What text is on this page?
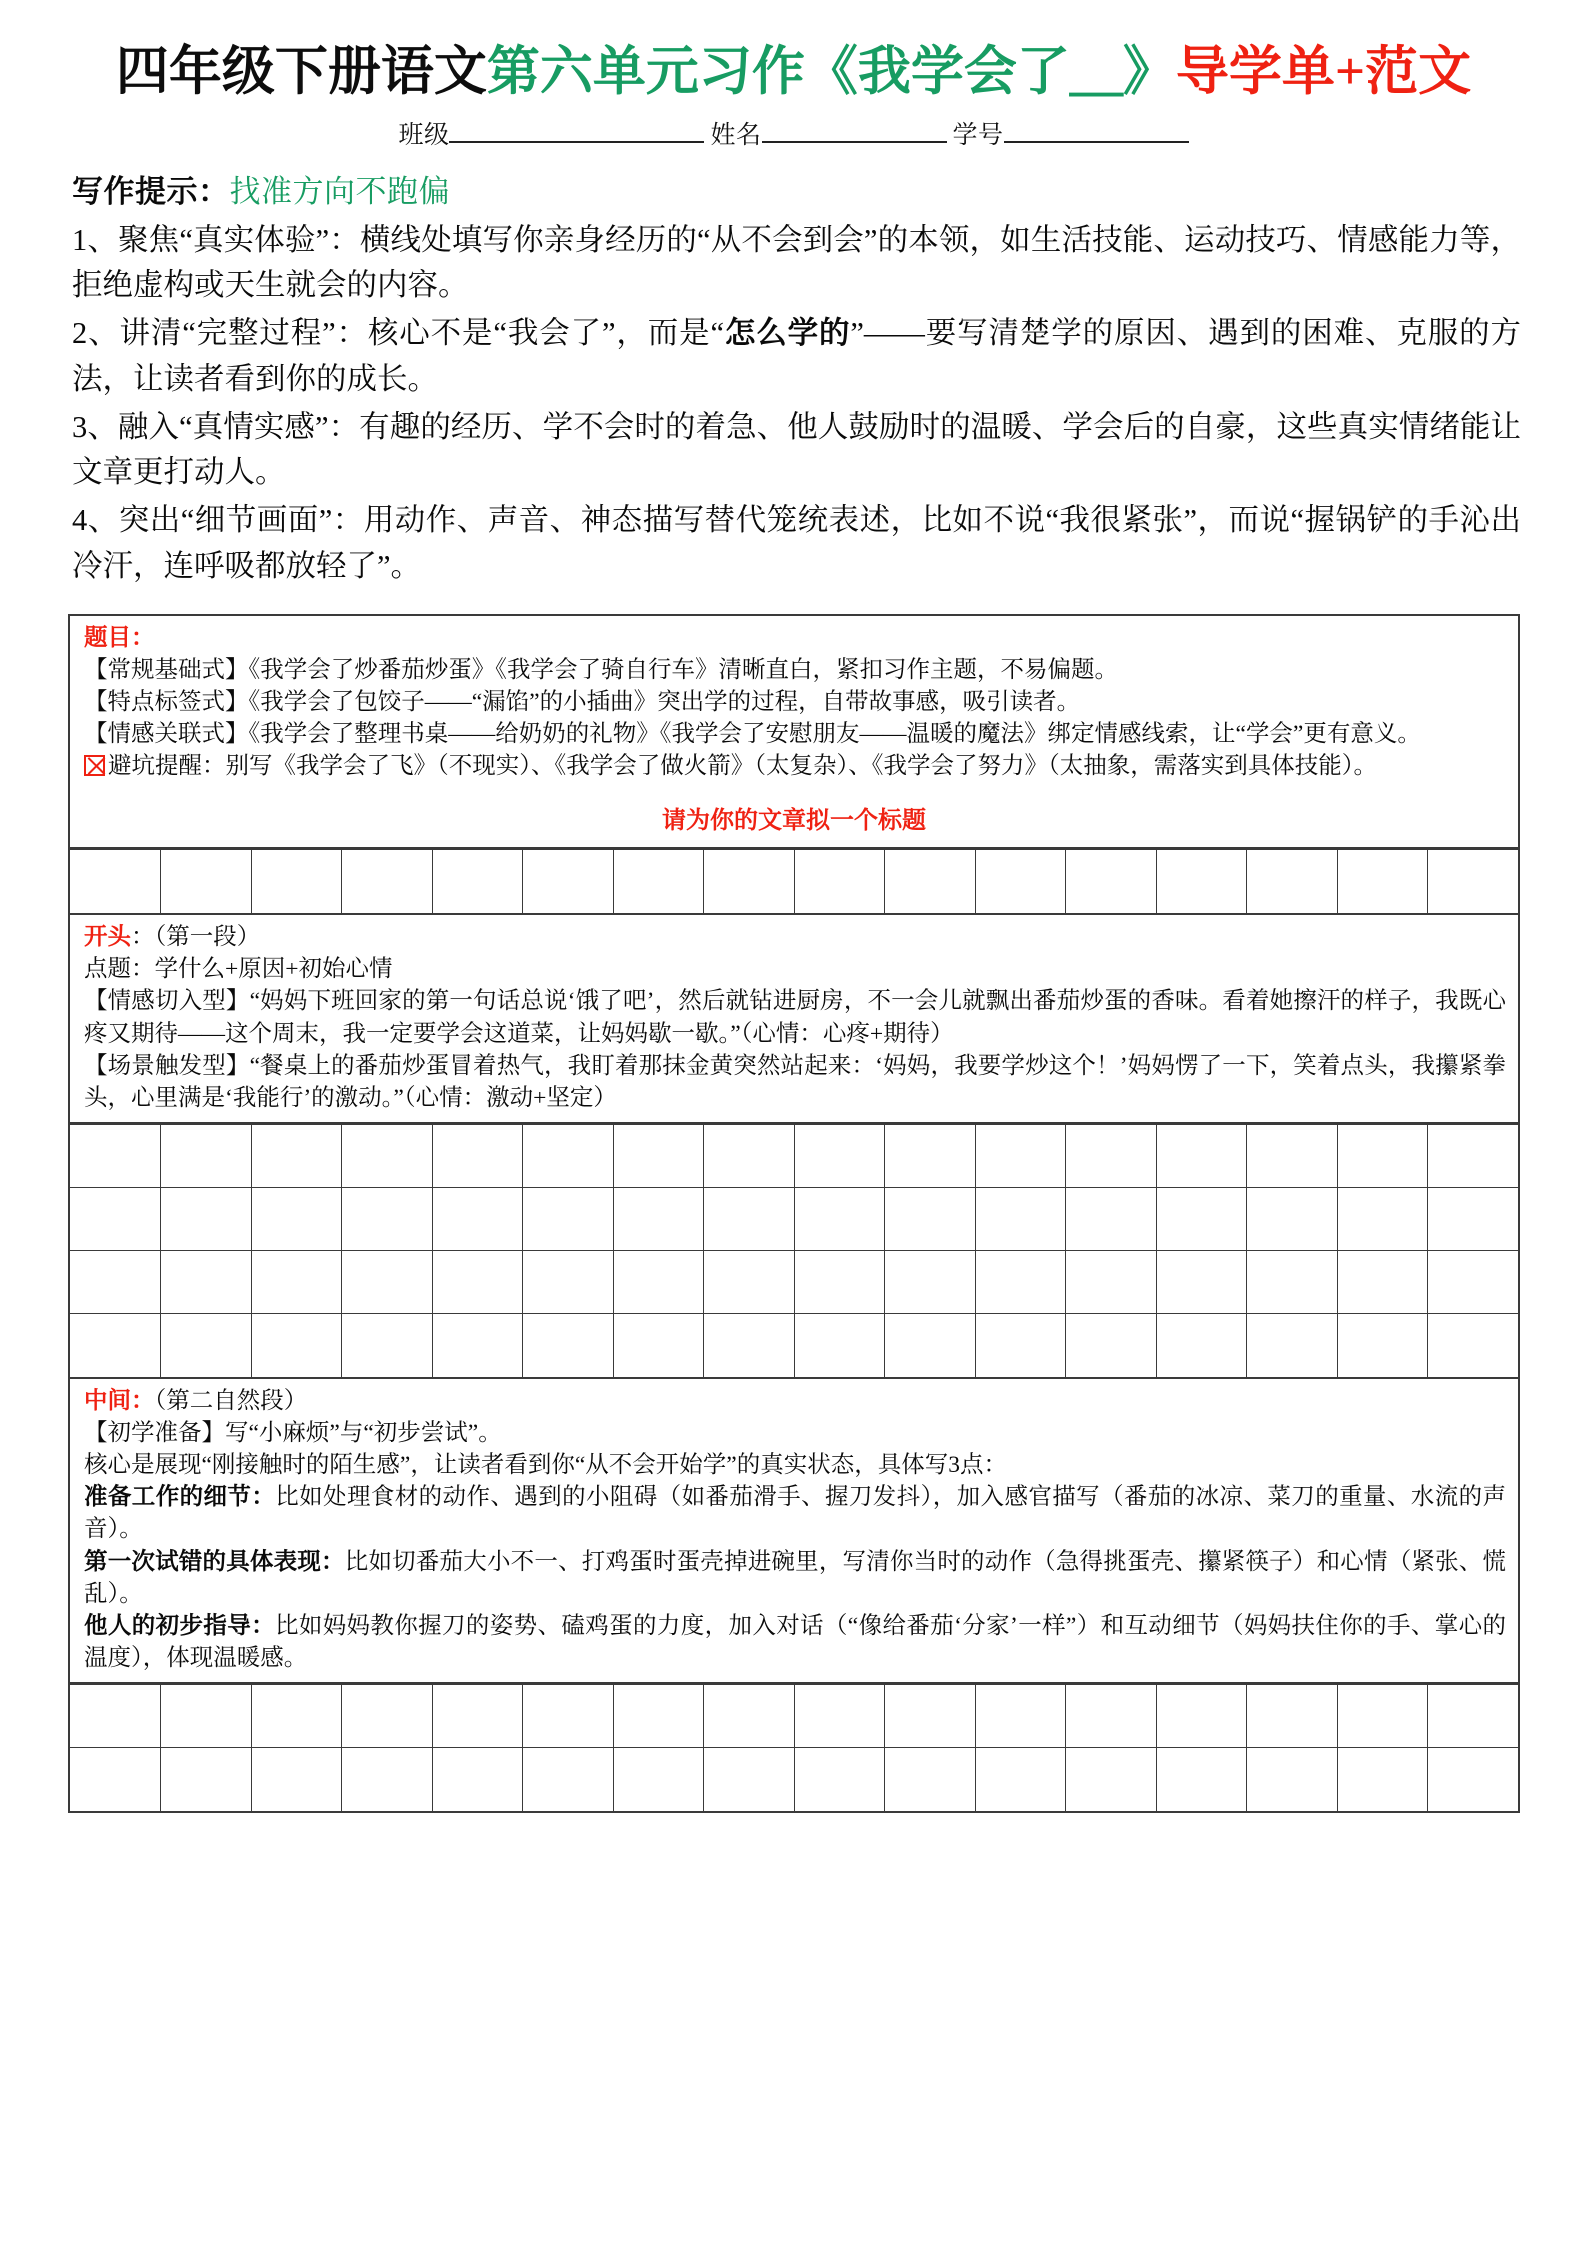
四年级下册语文第六单元习作《我学会了＿》导学单+范文
班级	姓名	学号
写作提示：找准方向不跑偏
1、聚焦“真实体验”：横线处填写你亲身经历的“从不会到会”的本领，如生活技能、运动技巧、情感能力等，拒绝虚构或天生就会的内容。
2、讲清“完整过程”：核心不是“我会了”，而是“怎么学的”——要写清楚学的原因、遇到的困难、克服的方法，让读者看到你的成长。
3、融入“真情实感”：有趣的经历、学不会时的着急、他人鼓励时的温暖、学会后的自豪，这些真实情绪能让文章更打动人。
4、突出“细节画面”：用动作、声音、神态描写替代笼统表述，比如不说“我很紧张”，而说“握锅铲的手沁出冷汗，连呼吸都放轻了”。

题目：

【常规基础式】《我学会了炒番茄炒蛋》《我学会了骑自行车》清晰直白，紧扣习作主题，不易偏题。

【特点标签式】《我学会了包饺子——“漏馅”的小插曲》突出学的过程，自带故事感，吸引读者。

【情感关联式】《我学会了整理书桌——给奶奶的礼物》《我学会了安慰朋友——温暖的魔法》绑定情感线索，让“学会”更有意义。

避坑提醒：别写《我学会了飞》（不现实）、《我学会了做火箭》（太复杂）、《我学会了努力》（太抽象，需落实到具体技能）。

请为你的文章拟一个标题

开头：（第一段）

点题：学什么+原因+初始心情

【情感切入型】“妈妈下班回家的第一句话总说‘饿了吧’，然后就钻进厨房，不一会儿就飘出番茄炒蛋的香味。看着她擦汗的样子，我既心疼又期待——这个周末，我一定要学会这道菜，让妈妈歇一歇。”（心情：心疼+期待）

【场景触发型】“餐桌上的番茄炒蛋冒着热气，我盯着那抹金黄突然站起来：‘妈妈，我要学炒这个！’妈妈愣了一下，笑着点头，我攥紧拳头，心里满是‘我能行’的激动。”（心情：激动+坚定）

中间：（第二自然段）

【初学准备】写“小麻烦”与“初步尝试”。

核心是展现“刚接触时的陌生感”，让读者看到你“从不会开始学”的真实状态，具体写3点：

准备工作的细节：比如处理食材的动作、遇到的小阻碍（如番茄滑手、握刀发抖），加入感官描写（番茄的冰凉、菜刀的重量、水流的声音）。

第一次试错的具体表现：比如切番茄大小不一、打鸡蛋时蛋壳掉进碗里，写清你当时的动作（急得挑蛋壳、攥紧筷子）和心情（紧张、慌乱）。

他人的初步指导：比如妈妈教你握刀的姿势、磕鸡蛋的力度，加入对话（“像给番茄‘分家’一样”）和互动细节（妈妈扶住你的手、掌心的温度），体现温暖感。
